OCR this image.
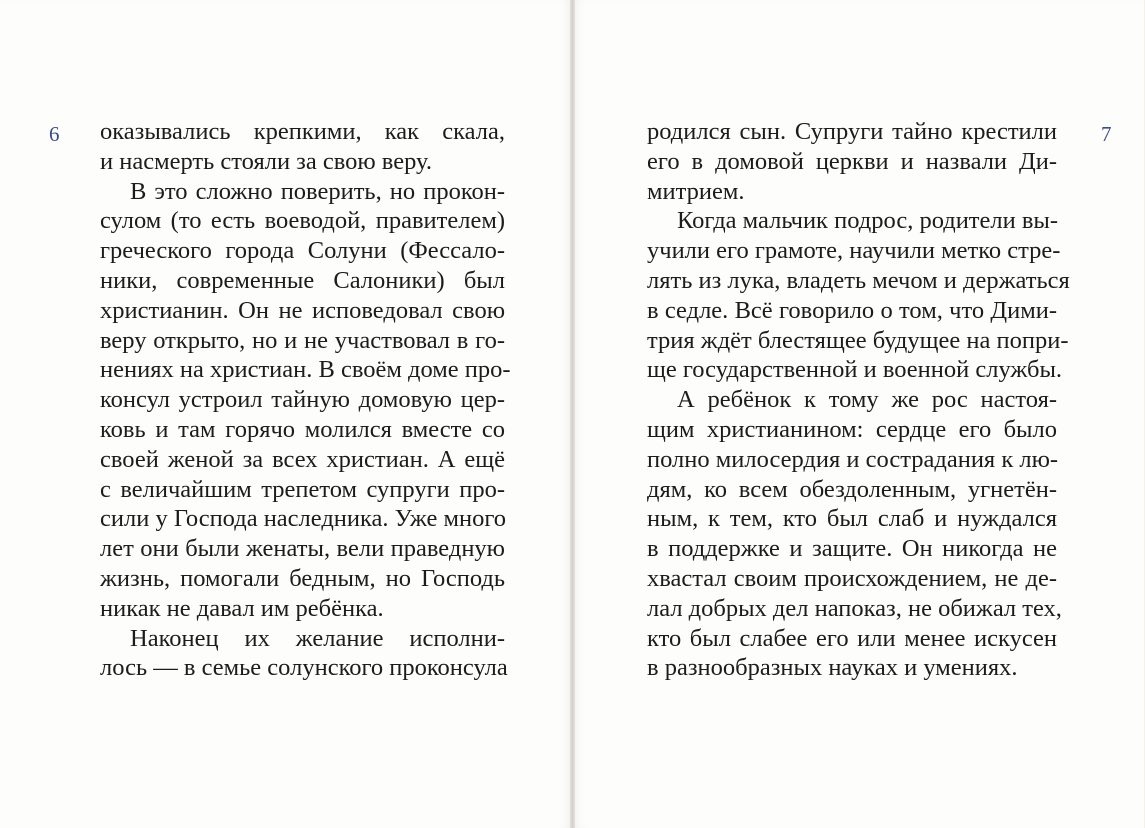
6 оказывались крепкими, как скала,
и насмерть стояли за свою веру.
В это сложно поверить, но прокон-
сулом (то есть воеводой, правителем)
греческого города Солуни (Фессало-
ники, современные Салоники) был
христианин. Он не исповедовал свою
веру открыто, но и не участвовал в го-
нениях на христиан. В своём доме про-
консул устроил тайную домовую цер-
ковь и там горячо молился вместе со
своей женой за всех христиан. А ещё
с величайшим трепетом супруги про-
сили у Господа наследника. Уже много
лет они были женаты, вели праведную
жизнь, помогали бедным, но Господь
никак не давал им ребёнка.
Наконец их желание исполни-
лось — в семье солунского проконсула
7
родился сын. Супруги тайно крестили
его в домовой церкви и назвали Ди-
митрием.
Когда мальчик подрос, родители вы-
учили его грамоте, научили метко стре-
лять из лука, владеть мечом и держаться
в седле. Всё говорило о том, что Дими-
трия ждёт блестящее будущее на попри-
ще государственной и военной службы.
А ребёнок к тому же рос настоя-
щим христианином: сердце его было
полно милосердия и сострадания к лю-
дям, ко всем обездоленным, угнетён-
ным, к тем, кто был слаб и нуждался
в поддержке и защите. Он никогда не
хвастал своим происхождением, не де-
лал добрых дел напоказ, не обижал тех,
кто был слабее его или менее искусен
в разнообразных науках и умениях.
